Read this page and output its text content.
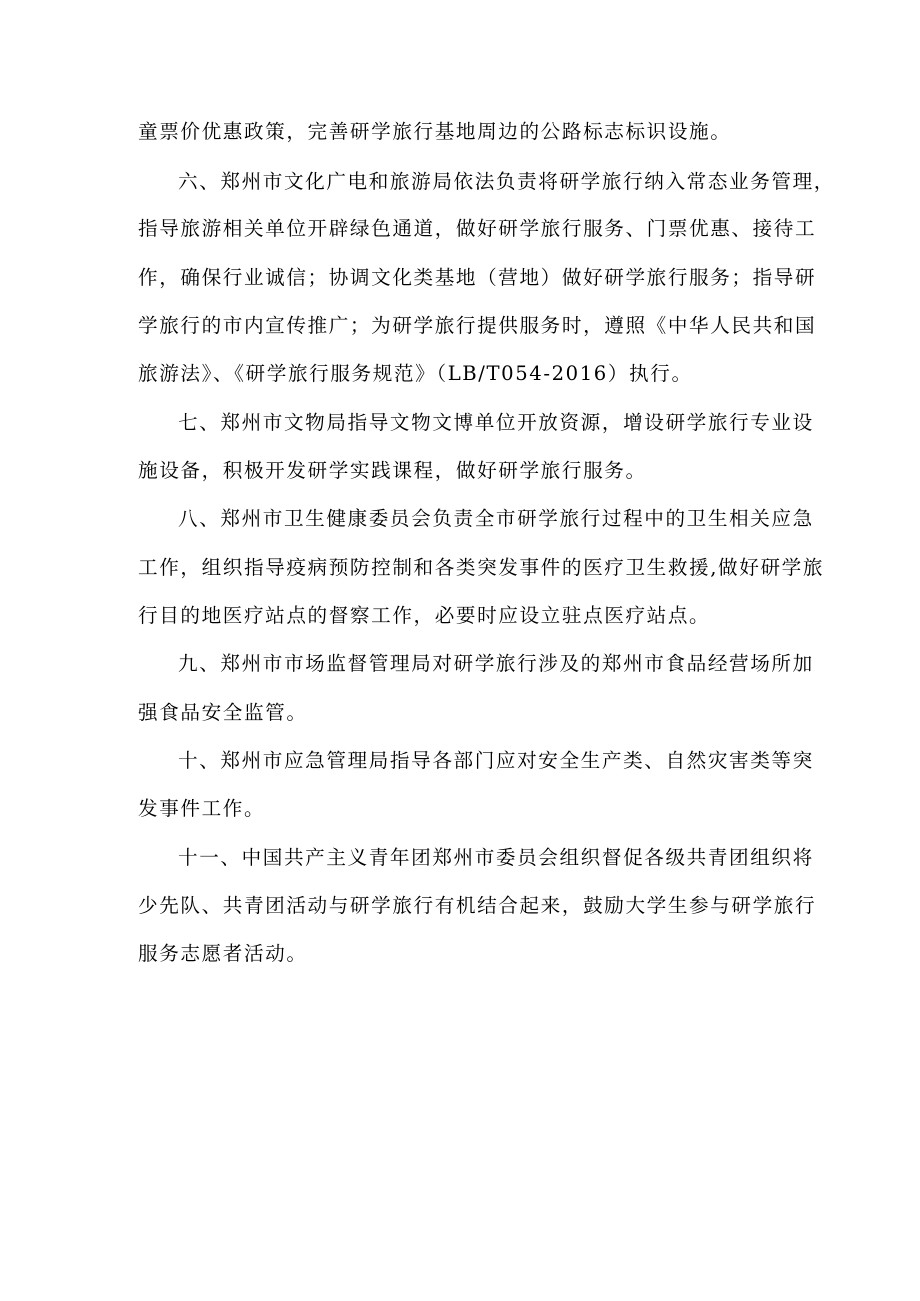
童票价优惠政策，完善研学旅行基地周边的公路标志标识设施。

六、郑州市文化广电和旅游局依法负责将研学旅行纳入常态业务管理，

指导旅游相关单位开辟绿色通道，做好研学旅行服务、门票优惠、接待工

作，确保行业诚信；协调文化类基地（营地）做好研学旅行服务；指导研

学旅行的市内宣传推广；为研学旅行提供服务时，遵照《中华人民共和国

旅游法》、《研学旅行服务规范》（LB/T054-2016）执行。

七、郑州市文物局指导文物文博单位开放资源，增设研学旅行专业设

施设备，积极开发研学实践课程，做好研学旅行服务。

八、郑州市卫生健康委员会负责全市研学旅行过程中的卫生相关应急

工作，组织指导疫病预防控制和各类突发事件的医疗卫生救援,做好研学旅

行目的地医疗站点的督察工作，必要时应设立驻点医疗站点。

九、郑州市市场监督管理局对研学旅行涉及的郑州市食品经营场所加

强食品安全监管。

十、郑州市应急管理局指导各部门应对安全生产类、自然灾害类等突

发事件工作。

十一、中国共产主义青年团郑州市委员会组织督促各级共青团组织将

少先队、共青团活动与研学旅行有机结合起来，鼓励大学生参与研学旅行

服务志愿者活动。
